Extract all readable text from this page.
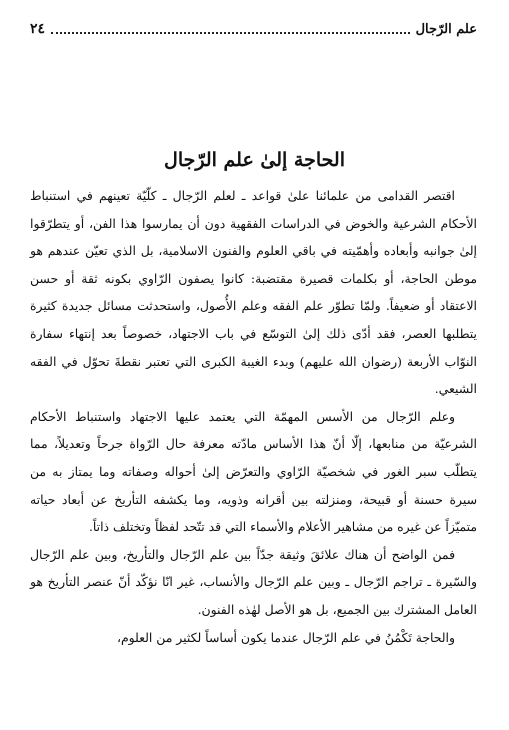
علم الرّجال
٢٤
الحاجة إلىٰ علم الرّجال

اقتصر القدامى من علمائنا علىٰ قواعد ـ لعلم الرّجال ـ كلّيّة تعينهم في استنباط الأحكام الشرعية والخوض في الدراسات الفقهية دون أن يمارسوا هذا الفن، أو يتطرّقوا إلىٰ جوانبه وأبعاده وأهمّيته في باقي العلوم والفنون الاسلامية، بل الذي تعيّن عندهم هو موطن الحاجة، أو بكلمات قصيرة مقتضبة: كانوا يصفون الرّاوي بكونه ثقة أو حسن الاعتقاد أو ضعيفاً. ولمّا تطوّر علم الفقه وعلم الأُصول، واستحدثت مسائل جديدة كثيرة يتطلبها العصر، فقد أدّى ذلك إلىٰ التوسّع في باب الاجتهاد، خصوصاً بعد إنتهاء سفارة النوّاب الأربعة (رضوان الله عليهم) وبدء الغيبة الكبرى التي تعتبر نقطةَ تحوّل في الفقه الشيعي.

وعلم الرّجال من الأسس المهمّة التي يعتمد عليها الاجتهاد واستنباط الأحكام الشرعيّة من منابعها، إلّا أنّ هذا الأساس مادّته معرفة حال الرّواة جرحاً وتعديلاً، مما يتطلّب سبر الغور في شخصيّة الرّاوي والتعرّض إلىٰ أحواله وصفاته وما يمتاز به من سيرة حسنة أو قبيحة، ومنزلته بين أقرانه وذويه، وما يكشفه التأريخ عن أبعاد حياته متميّزاً عن غيره من مشاهير الأعلام والأسماء التي قد تتّحد لفظاً وتختلف ذاتاً.

فمن الواضح أن هناك علائقَ وثيقة جدّاً بين علم الرّجال والتأريخ، وبين علم الرّجال والسّيرة ـ تراجم الرّجال ـ وبين علم الرّجال والأنساب، غير انّا نؤكّد أنّ عنصر التأريخ هو العامل المشترك بين الجميع، بل هو الأصل لهٰذه الفنون.

والحاجة تَكْمُنُ في علم الرّجال عندما يكون أساساً لكثير من العلوم،
